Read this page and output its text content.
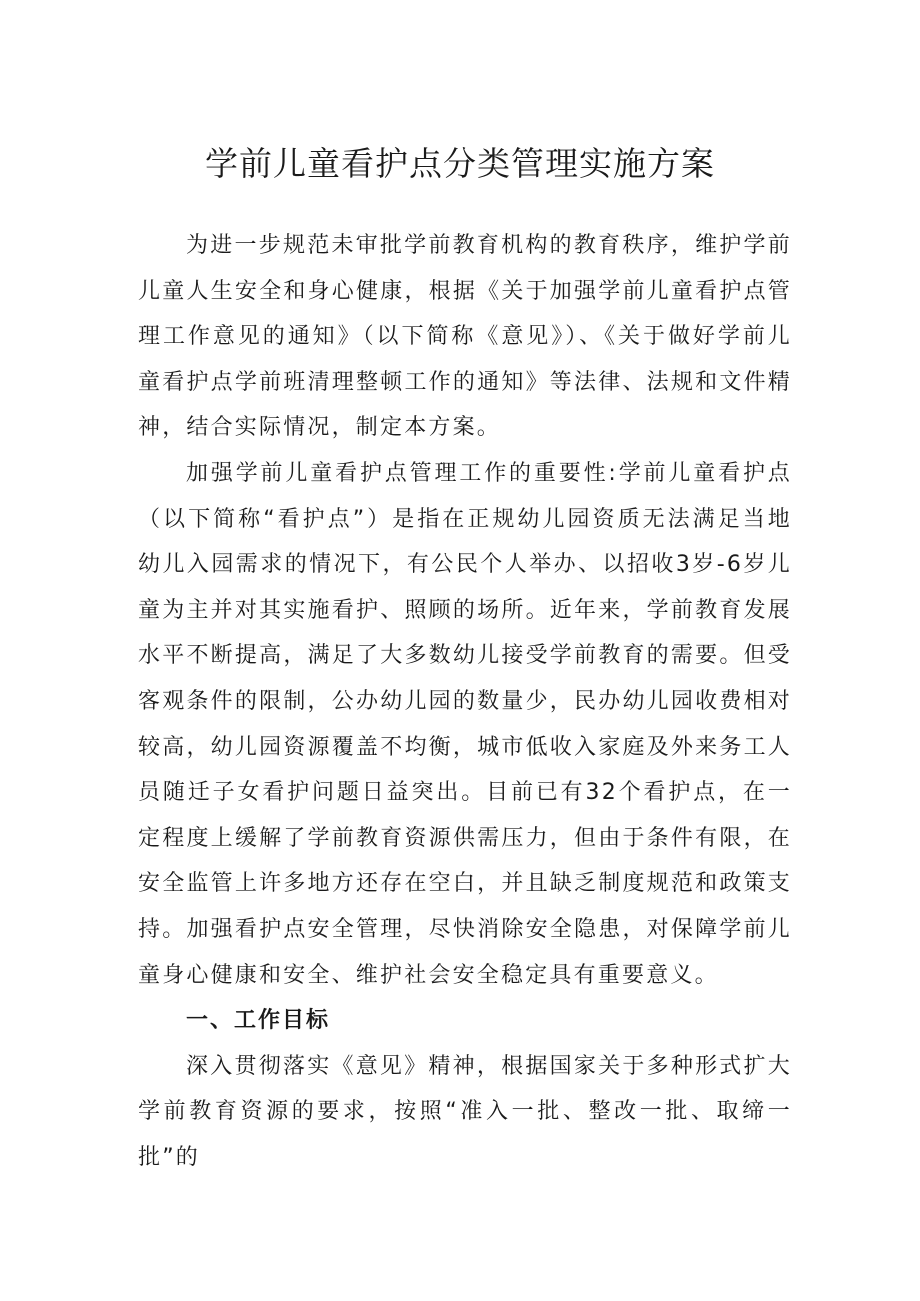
学前儿童看护点分类管理实施方案

为进一步规范未审批学前教育机构的教育秩序，维护学前儿童人生安全和身心健康，根据《关于加强学前儿童看护点管理工作意见的通知》（以下简称《意见》）、《关于做好学前儿童看护点学前班清理整顿工作的通知》等法律、法规和文件精神，结合实际情况，制定本方案。

加强学前儿童看护点管理工作的重要性:学前儿童看护点（以下简称“看护点”）是指在正规幼儿园资质无法满足当地幼儿入园需求的情况下，有公民个人举办、以招收3岁-6岁儿童为主并对其实施看护、照顾的场所。近年来，学前教育发展水平不断提高，满足了大多数幼儿接受学前教育的需要。但受客观条件的限制，公办幼儿园的数量少，民办幼儿园收费相对较高，幼儿园资源覆盖不均衡，城市低收入家庭及外来务工人员随迁子女看护问题日益突出。目前已有32个看护点，在一定程度上缓解了学前教育资源供需压力，但由于条件有限，在安全监管上许多地方还存在空白，并且缺乏制度规范和政策支持。加强看护点安全管理，尽快消除安全隐患，对保障学前儿童身心健康和安全、维护社会安全稳定具有重要意义。

一、工作目标

深入贯彻落实《意见》精神，根据国家关于多种形式扩大学前教育资源的要求，按照“准入一批、整改一批、取缔一批”的
